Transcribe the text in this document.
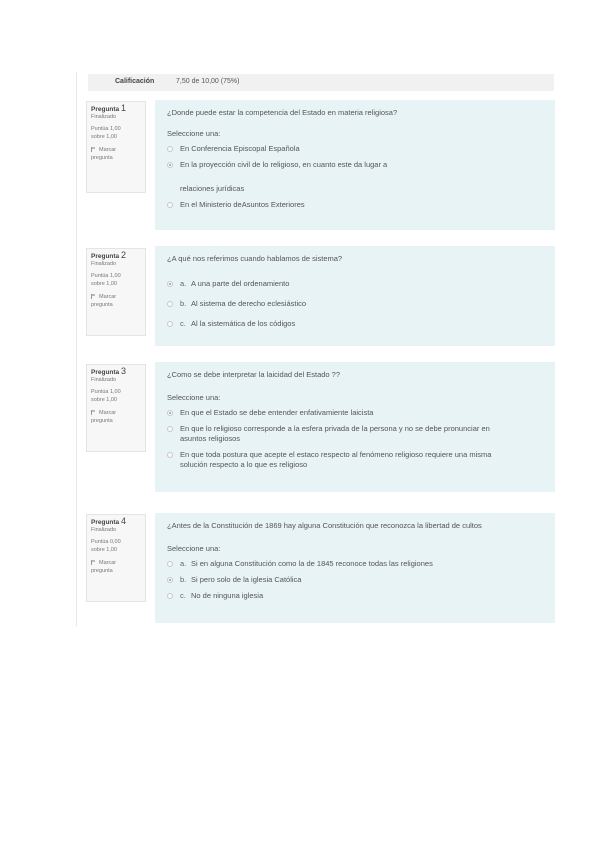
Calificación	7,50 de 10,00 (75%)
Pregunta 1
Finalizado
Puntúa 1,00
sobre 1,00
Marcar
pregunta
¿Donde puede estar la competencia del Estado en materia religiosa?
Seleccione una:
En Conferencia Episcopal Española
En la proyección civil de lo religioso, en cuanto este da lugar a
relaciones jurídicas
En el Ministerio deAsuntos Exteriores
Pregunta 2
Finalizado
Puntúa 1,00
sobre 1,00
Marcar
pregunta
¿A qué nos referimos cuando hablamos de sistema?
a. A una parte del ordenamiento
b. Al sistema de derecho eclesiástico
c. Al la sistemática de los códigos
Pregunta 3
Finalizado
Puntúa 1,00
sobre 1,00
Marcar
pregunta
¿Como se debe interpretar la laicidad del Estado ??
Seleccione una:
En que el Estado se debe entender enfativamiente laicista
En que lo religioso corresponde a la esfera privada de la persona y no se debe pronunciar en
asuntos religiosos
En que toda postura que acepte el estaco respecto al fenómeno religioso requiere una misma
solución respecto a lo que es religioso
Pregunta 4
Finalizado
Puntúa 0,00
sobre 1,00
Marcar
pregunta
¿Antes de la Constitución de 1869 hay alguna Constitución que reconozca la libertad de cultos
Seleccione una:
a. Si en alguna Constitución como la de 1845 reconoce todas las religiones
b. Si pero solo de la iglesia Católica
c. No de ninguna iglesia
